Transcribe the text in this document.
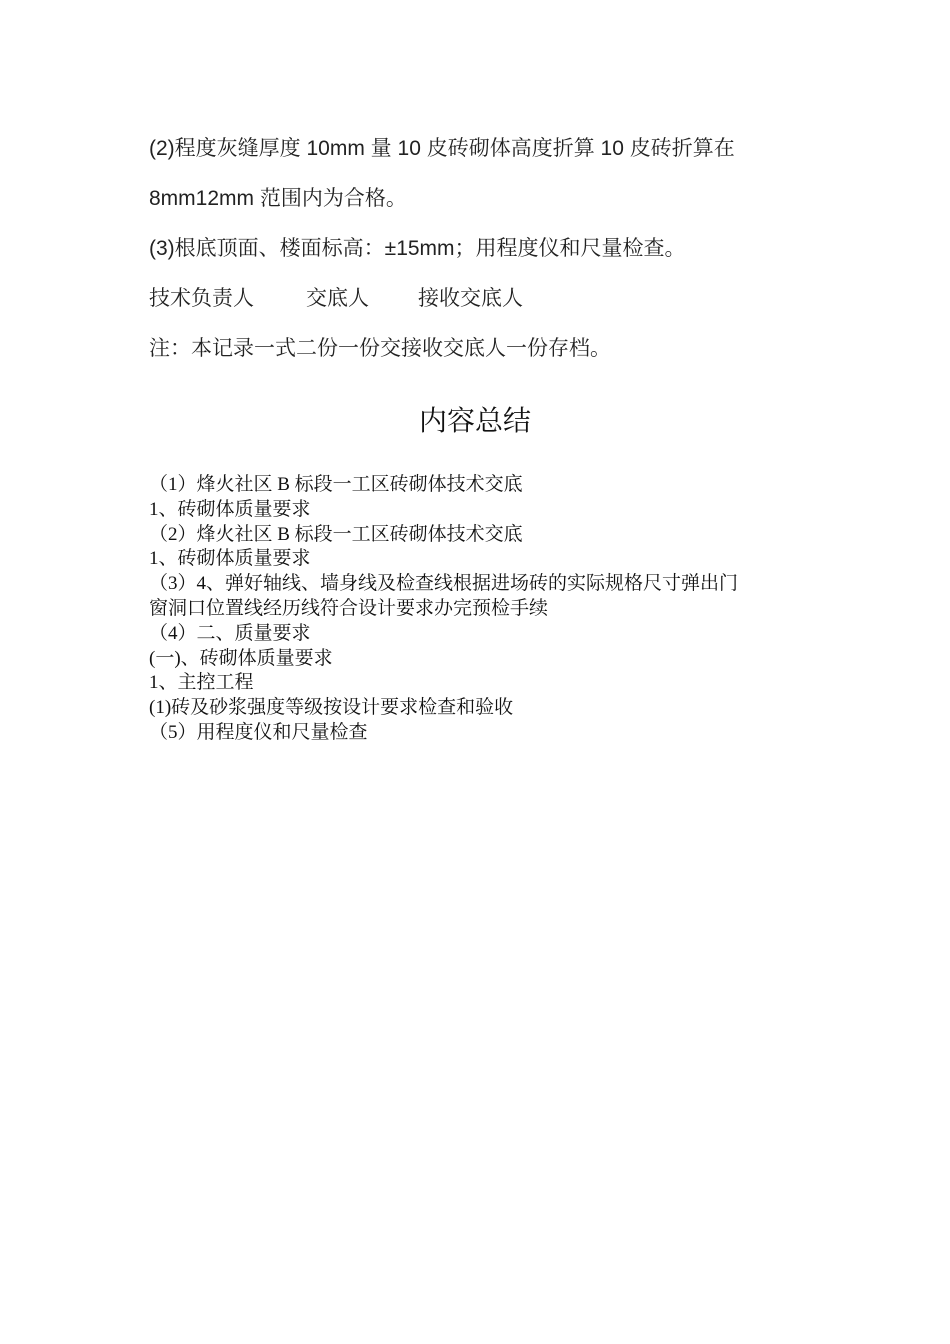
(2)程度灰缝厚度 10mm 量 10 皮砖砌体高度折算 10 皮砖折算在
8mm12mm 范围内为合格。
(3)根底顶面、楼面标高：±15mm；用程度仪和尺量检查。
技术负责人 交底人 接收交底人
注：本记录一式二份一份交接收交底人一份存档。
内容总结
（1）烽火社区 B 标段一工区砖砌体技术交底
1、砖砌体质量要求
（2）烽火社区 B 标段一工区砖砌体技术交底
1、砖砌体质量要求
（3）4、弹好轴线、墙身线及检查线根据进场砖的实际规格尺寸弹出门
窗洞口位置线经历线符合设计要求办完预检手续
（4）二、质量要求
(一)、砖砌体质量要求
1、主控工程
(1)砖及砂浆强度等级按设计要求检查和验收
（5）用程度仪和尺量检查
